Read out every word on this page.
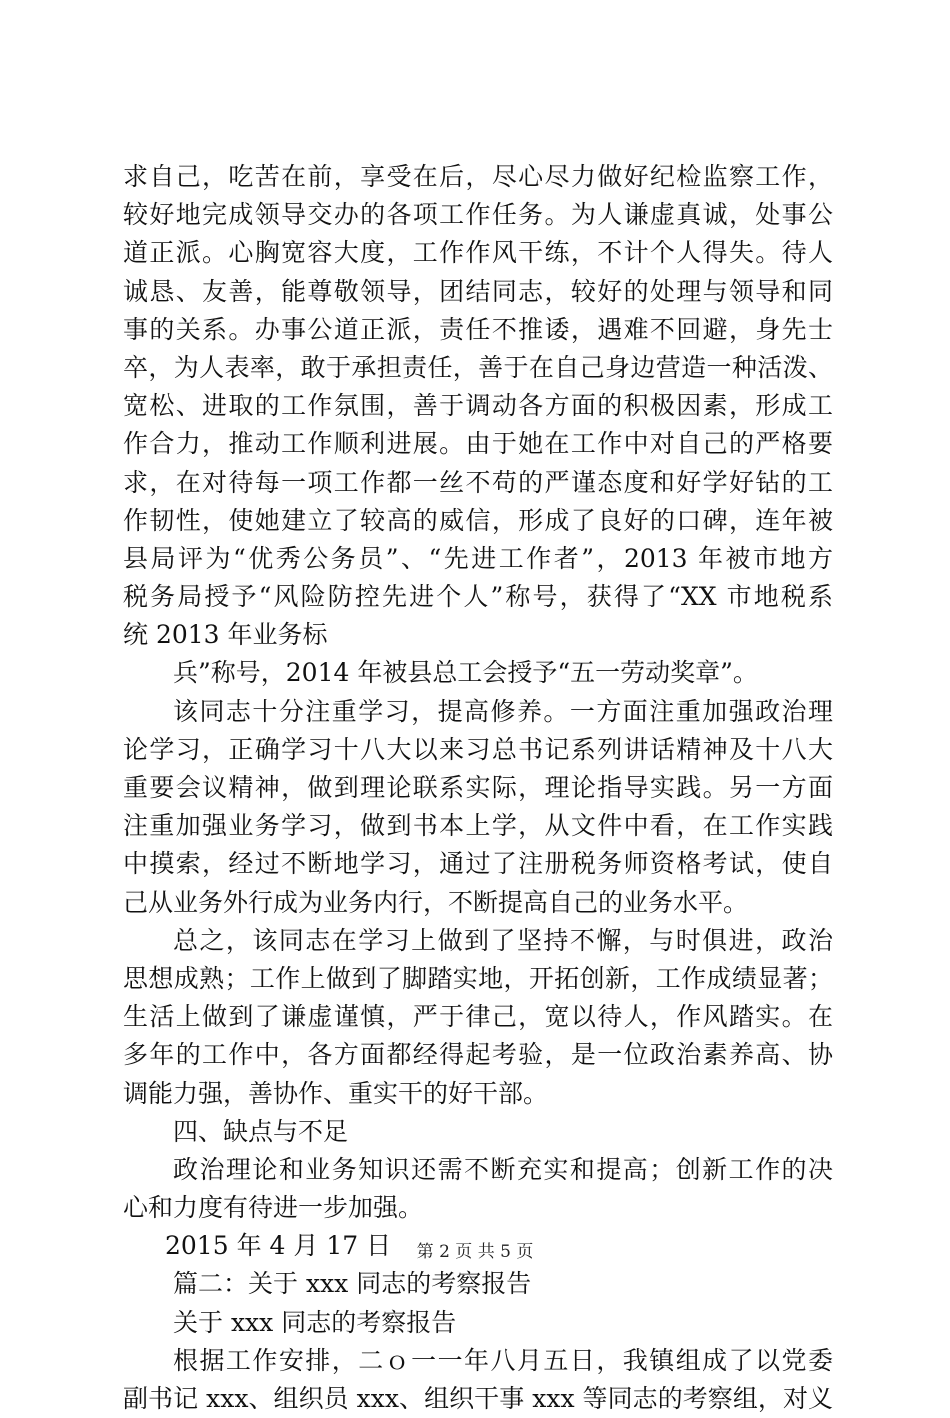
求自己，吃苦在前，享受在后，尽心尽力做好纪检监察工作，
较好地完成领导交办的各项工作任务。为人谦虚真诚，处事公
道正派。心胸宽容大度，工作作风干练，不计个人得失。待人
诚恳、友善，能尊敬领导，团结同志，较好的处理与领导和同
事的关系。办事公道正派，责任不推诿，遇难不回避，身先士
卒，为人表率，敢于承担责任，善于在自己身边营造一种活泼、
宽松、进取的工作氛围，善于调动各方面的积极因素，形成工
作合力，推动工作顺利进展。由于她在工作中对自己的严格要
求，在对待每一项工作都一丝不苟的严谨态度和好学好钻的工
作韧性，使她建立了较高的威信，形成了良好的口碑，连年被
县局评为“优秀公务员”、“先进工作者”，2013 年被市地方
税务局授予“风险防控先进个人”称号，获得了“XX 市地税系
统 2013 年业务标
兵”称号，2014 年被县总工会授予“五一劳动奖章”。
该同志十分注重学习，提高修养。一方面注重加强政治理
论学习，正确学习十八大以来习总书记系列讲话精神及十八大
重要会议精神，做到理论联系实际，理论指导实践。另一方面
注重加强业务学习，做到书本上学，从文件中看，在工作实践
中摸索，经过不断地学习，通过了注册税务师资格考试，使自
己从业务外行成为业务内行，不断提高自己的业务水平。
总之，该同志在学习上做到了坚持不懈，与时俱进，政治
思想成熟；工作上做到了脚踏实地，开拓创新，工作成绩显著；
生活上做到了谦虚谨慎，严于律己，宽以待人，作风踏实。在
多年的工作中，各方面都经得起考验，是一位政治素养高、协
调能力强，善协作、重实干的好干部。
四、缺点与不足
政治理论和业务知识还需不断充实和提高；创新工作的决
心和力度有待进一步加强。
2015 年 4 月 17 日
篇二：关于 xxx 同志的考察报告
关于 xxx 同志的考察报告
根据工作安排，二ｏ一一年八月五日，我镇组成了以党委
副书记 xxx、组织员 xxx、组织干事 xxx 等同志的考察组，对义
第 2 页 共 5 页
